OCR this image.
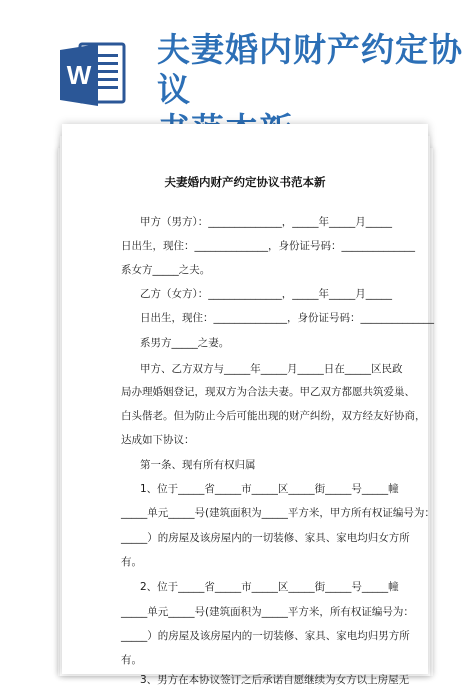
W
夫妻婚内财产约定协议
夫妻婚内财产约定协议书范本新
甲方（男方）：______________，_____年_____月_____
日出生，现住：______________，身份证号码：______________
系女方_____之夫。
乙方（女方）：______________，_____年_____月_____
日出生，现住：______________，身份证号码：______________
系男方_____之妻。
甲方、乙方双方与_____年_____月_____日在_____区民政
局办理婚姻登记，现双方为合法夫妻。甲乙双方都愿共筑爱巢、
白头偕老。但为防止今后可能出现的财产纠纷，双方经友好协商，
达成如下协议：
第一条、现有所有权归属
1、位于_____省_____市_____区_____街_____号_____幢
_____单元_____号(建筑面积为_____平方米，甲方所有权证编号为：
_____）的房屋及该房屋内的一切装修、家具、家电均归女方所
有。
2、位于_____省_____市_____区_____街_____号_____幢
_____单元_____号(建筑面积为_____平方米，所有权证编号为：
_____）的房屋及该房屋内的一切装修、家具、家电均归男方所
有。
3、男方在本协议签订之后承诺自愿继续为女方以上房屋无
